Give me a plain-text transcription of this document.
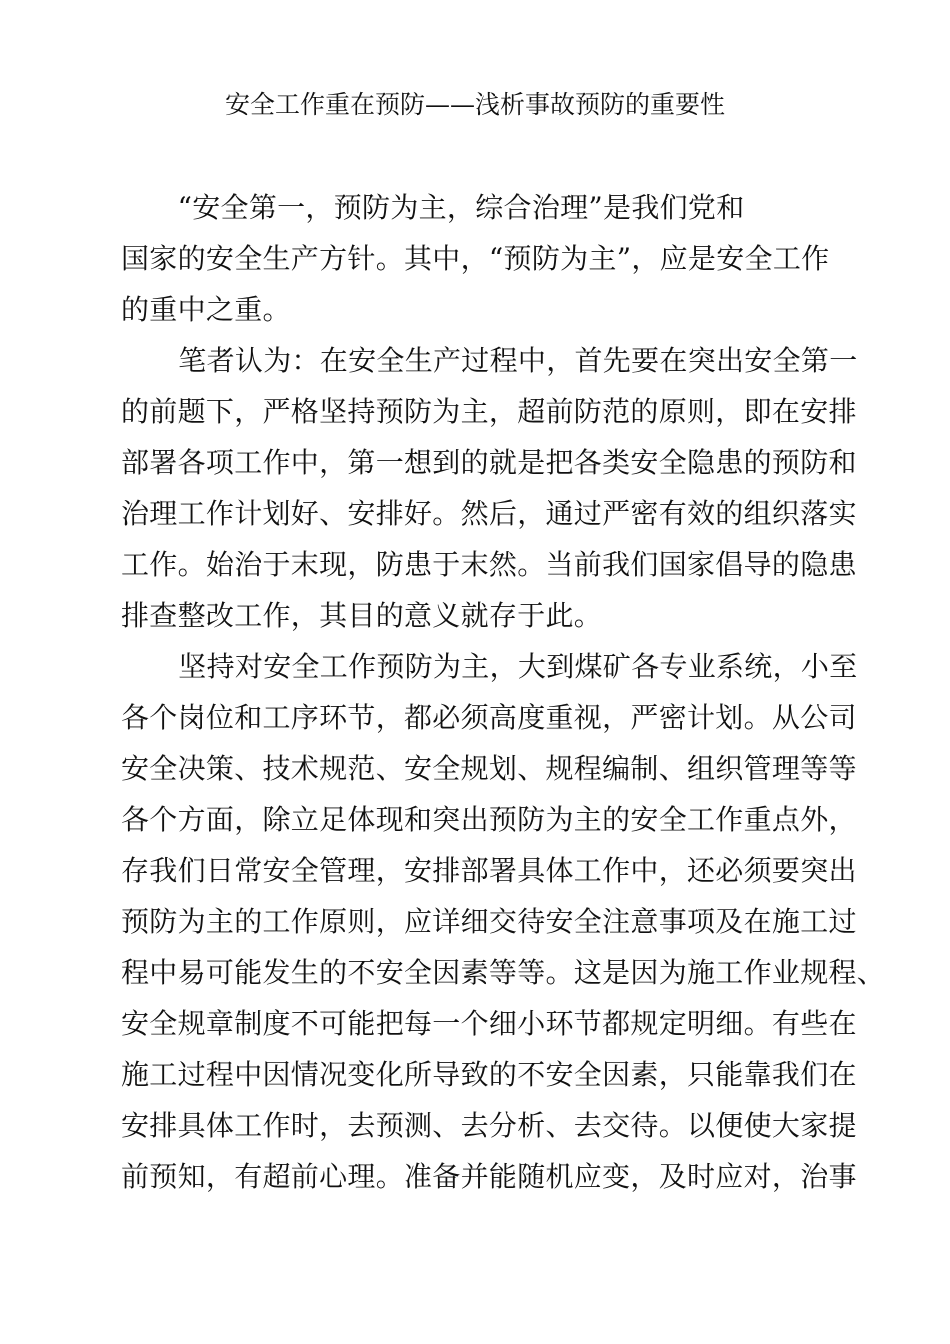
安全工作重在预防——浅析事故预防的重要性
　　“安全第一，预防为主，综合治理”是我们党和
国家的安全生产方针。其中，“预防为主”，应是安全工作
的重中之重。
　笔者认为：在安全生产过程中，首先要在突出安全第一
的前题下，严格坚持预防为主，超前防范的原则，即在安排
部署各项工作中，第一想到的就是把各类安全隐患的预防和
治理工作计划好、安排好。然后，通过严密有效的组织落实
工作。始治于末现，防患于末然。当前我们国家倡导的隐患
排查整改工作，其目的意义就存于此。
　坚持对安全工作预防为主，大到煤矿各专业系统，小至
各个岗位和工序环节，都必须高度重视，严密计划。从公司
安全决策、技术规范、安全规划、规程编制、组织管理等等
各个方面，除立足体现和突出预防为主的安全工作重点外，
存我们日常安全管理，安排部署具体工作中，还必须要突出
预防为主的工作原则，应详细交待安全注意事项及在施工过
程中易可能发生的不安全因素等等。这是因为施工作业规程、
安全规章制度不可能把每一个细小环节都规定明细。有些在
施工过程中因情况变化所导致的不安全因素，只能靠我们在
安排具体工作时，去预测、去分析、去交待。以便使大家提
前预知，有超前心理。准备并能随机应变，及时应对，治事
